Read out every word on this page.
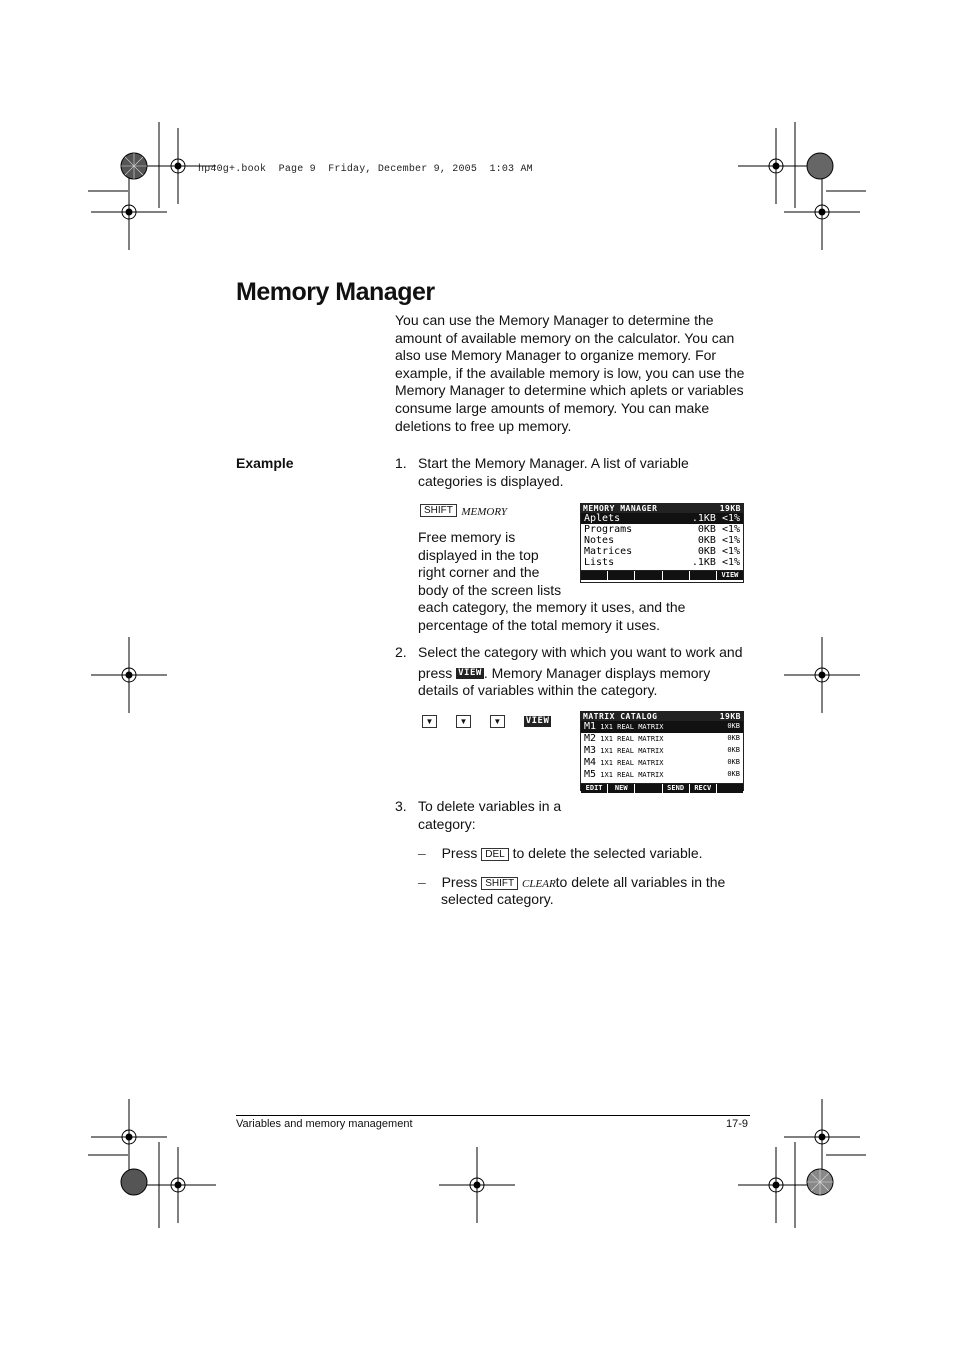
hp40g+.book  Page 9  Friday, December 9, 2005  1:03 AM
Memory Manager
You can use the Memory Manager to determine the amount of available memory on the calculator. You can also use Memory Manager to organize memory. For example, if the available memory is low, you can use the Memory Manager to determine which aplets or variables consume large amounts of memory. You can make deletions to free up memory.
Example	1. Start the Memory Manager. A list of variable
categories is displayed.
SHIFT MEMORY
Free memory is
displayed in the top
right corner and the
body of the screen lists
each category, the memory it uses, and the
percentage of the total memory it uses.
MEMORY MANAGER	19KB
Aplets	.1KB <1%
Programs	0KB <1%
Notes	0KB <1%
Matrices	0KB <1%
Lists	.1KB <1%
VIEW
2. Select the category with which you want to work and
press VIEW . Memory Manager displays memory
details of variables within the category.
▼	▼	▼	VIEW	MATRIX CATALOG	19KB
M1 1X1 REAL MATRIX	0KB
M2 1X1 REAL MATRIX	0KB
M3 1X1 REAL MATRIX	0KB
M4 1X1 REAL MATRIX	0KB
M5 1X1 REAL MATRIX	0KB
EDIT	NEW	SEND	RECV
3. To delete variables in a
category:
– Press DEL to delete the selected variable.
– Press SHIFT CLEARto delete all variables in the
selected category.
Variables and memory management	17-9
